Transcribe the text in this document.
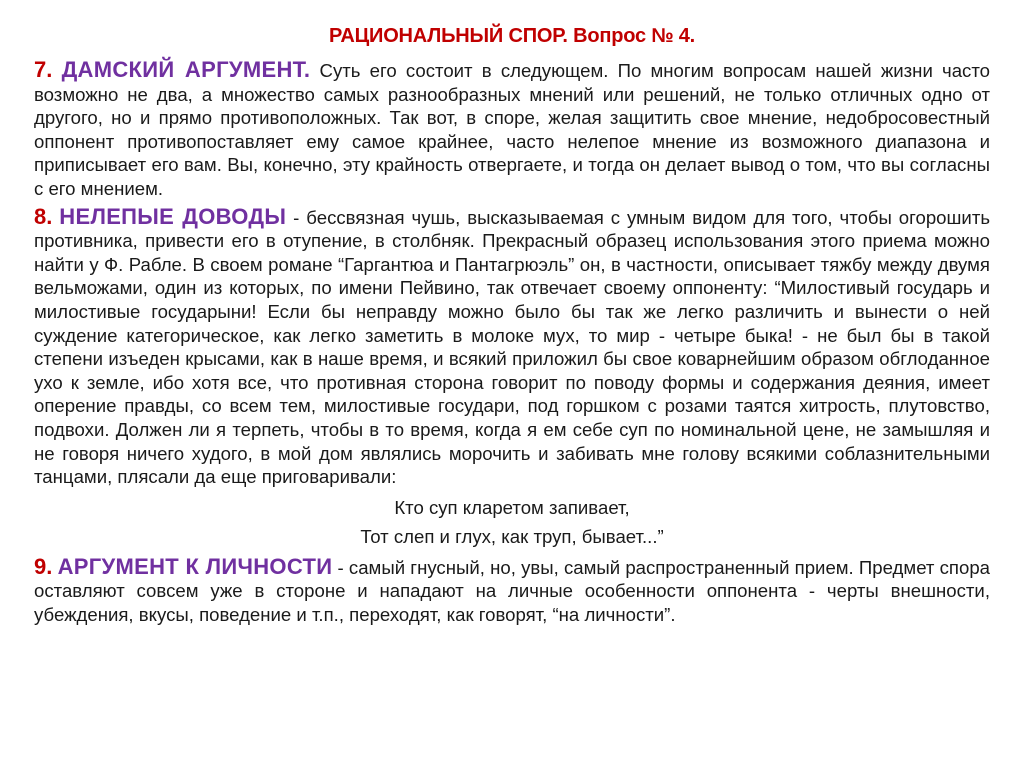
РАЦИОНАЛЬНЫЙ СПОР. Вопрос № 4.

7. ДАМСКИЙ АРГУМЕНТ. Суть его состоит в следующем. По многим вопросам нашей жизни часто возможно не два, а множество самых разнообразных мнений или решений, не только отличных одно от другого, но и прямо противоположных. Так вот, в споре, желая защитить свое мнение, недобросовестный оппонент противопоставляет ему самое крайнее, часто нелепое мнение из возможного диапазона и приписывает его вам. Вы, конечно, эту крайность отвергаете, и тогда он делает вывод о том, что вы согласны с его мнением.

8. НЕЛЕПЫЕ ДОВОДЫ - бессвязная чушь, высказываемая с умным видом для того, чтобы огорошить противника, привести его в отупение, в столбняк. Прекрасный образец использования этого приема можно найти у Ф. Рабле. В своем романе “Гаргантюа и Пантагрюэль” он, в частности, описывает тяжбу между двумя вельможами, один из которых, по имени Пейвино, так отвечает своему оппоненту: “Милостивый государь и милостивые государыни! Если бы неправду можно было бы так же легко различить и вынести о ней суждение категорическое, как легко заметить в молоке мух, то мир - четыре быка! - не был бы в такой степени изъеден крысами, как в наше время, и всякий приложил бы свое коварнейшим образом обглоданное ухо к земле, ибо хотя все, что противная сторона говорит по поводу формы и содержания деяния, имеет оперение правды, со всем тем, милостивые государи, под горшком с розами таятся хитрость, плутовство, подвохи. Должен ли я терпеть, чтобы в то время, когда я ем себе суп по номинальной цене, не замышляя и не говоря ничего худого, в мой дом являлись морочить и забивать мне голову всякими соблазнительными танцами, плясали да еще приговаривали:

Кто суп кларетом запивает,

Тот слеп и глух, как труп, бывает...”

9. АРГУМЕНТ К ЛИЧНОСТИ - самый гнусный, но, увы, самый распространенный прием. Предмет спора оставляют совсем уже в стороне и нападают на личные особенности оппонента - черты внешности, убеждения, вкусы, поведение и т.п., переходят, как говорят, “на личности”.
